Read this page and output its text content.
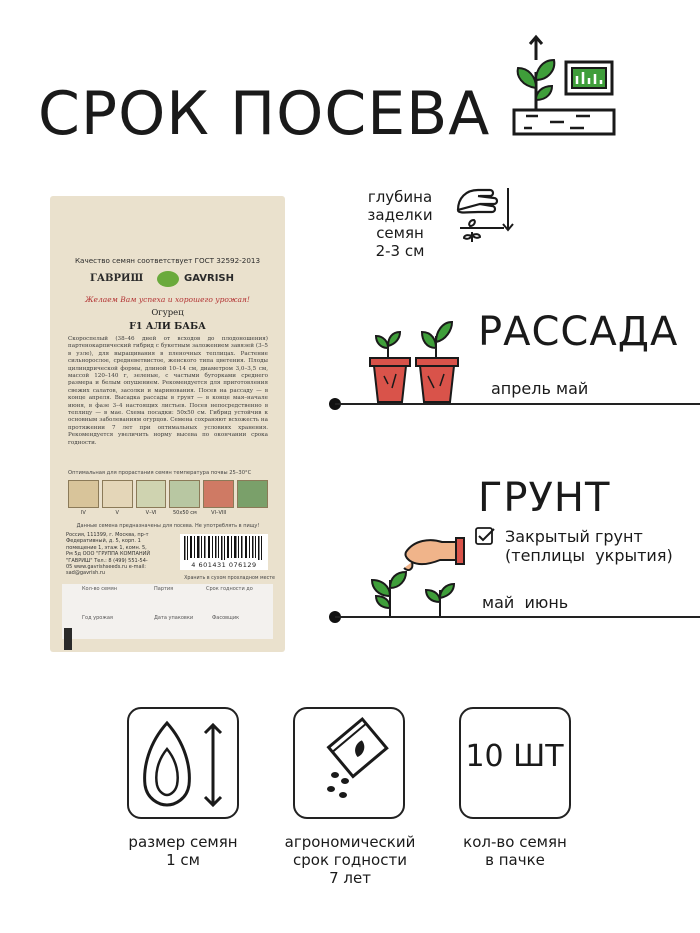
СРОК ПОСЕВА
Качество семян соответствует ГОСТ 32592-2013
ГАВРИШ	GAVRISH
Желаем Вам успеха и хорошего урожая!
Огурец
F1 АЛИ БАБА
Скороспелый (38–46 дней от всходов до плодоношения) партенокарпический гибрид с букетным заложением завязей (3–5 в узле), для выращивания в пленочных теплицах. Растение сильнорослое, средневетвистое, женского типа цветения. Плоды цилиндрической формы, длиной 10–14 см, диаметром 3,0–3,5 см, массой 120–140 г, зеленые, с частыми бугорками среднего размера и белым опушением. Рекомендуется для приготовления свежих салатов, засолки и маринования. Посев на рассаду — в конце апреля. Высадка рассады в грунт — в конце мая–начале июня, в фазе 3–4 настоящих листьев. Посев непосредственно в теплицу — в мае. Схема посадки: 50х50 см. Гибрид устойчив к основным заболеваниям огурцов. Семена сохраняют всхожесть на протяжении 7 лет при оптимальных условиях хранения. Рекомендуется увеличить норму высева по окончании срока годности.
Оптимальная для прорастания семян температура почвы 25–30°С
IV	V	V–VI	50x50 см	VI–VIII
Данные семена предназначены для посева. Не употреблять в пищу!
Россия, 111399, г. Москва, пр-т Федеративный, д. 5, корп. 1 помещение 1, этаж 1, комн. 5, Рм 5д ООО "ГРУППА КОМПАНИЙ "ГАВРИШ" Тел.: 8 (499) 551-54-05 www.gavrishseeds.ru e-mail: sad@gavrish.ru
4 601431 076129
Хранить в сухом прохладном месте
Кол-во семян	Партия	Срок годности до
Год урожая	Дата упаковки	Фасовщик
глубина
заделки
семян
2-3 см
РАССАДА
апрель май
ГРУНТ
Закрытый грунт
(теплицы  укрытия)
май  июнь
10 ШТ
размер семян
1 см
агрономический
срок годности
7 лет
кол-во семян
в пачке
